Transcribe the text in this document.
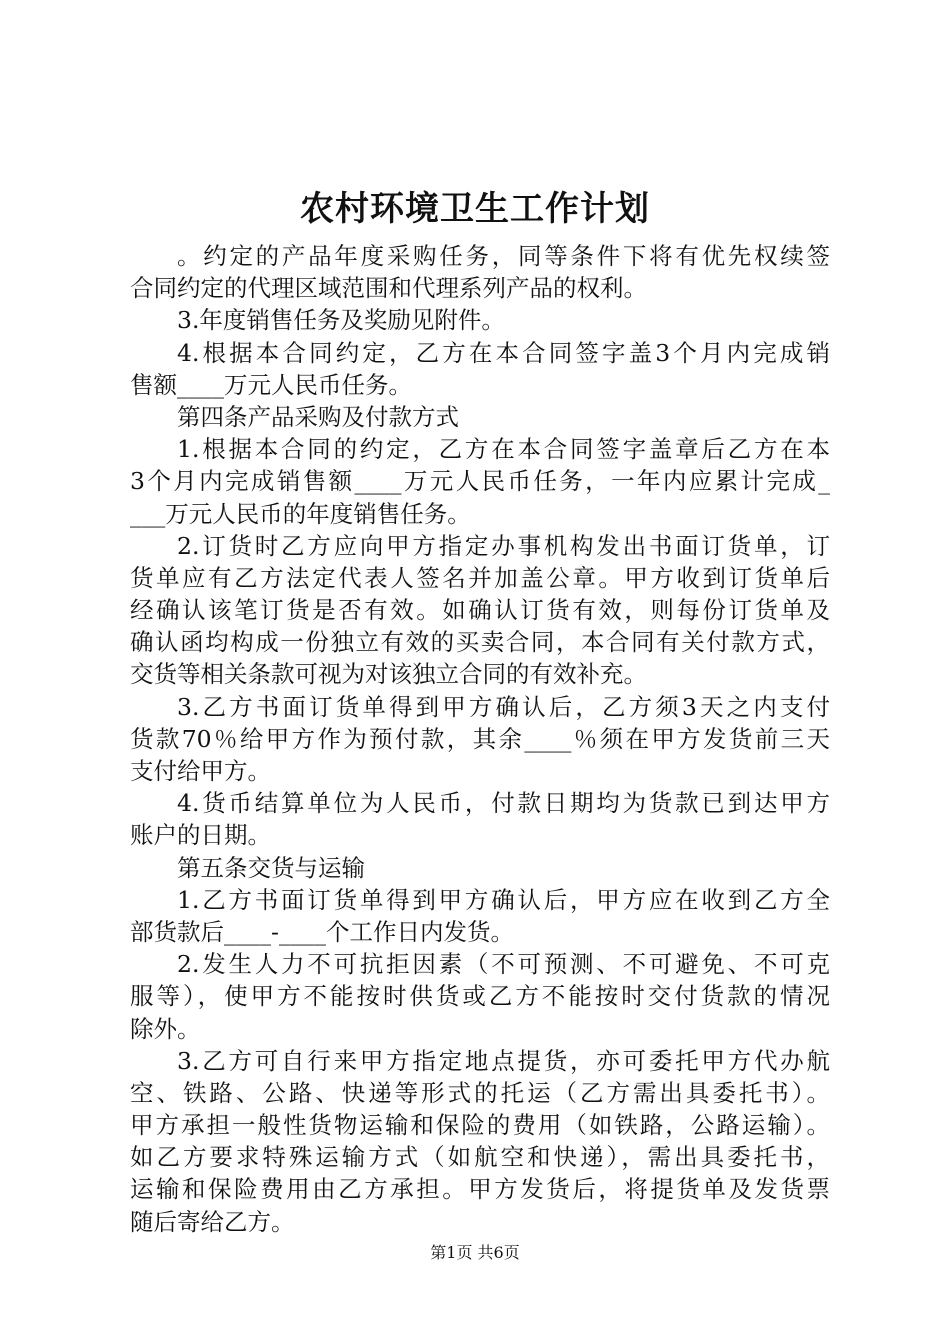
农村环境卫生工作计划
。约定的产品年度采购任务，同等条件下将有优先权续签
合同约定的代理区域范围和代理系列产品的权利。
3.年度销售任务及奖励见附件。
4.根据本合同约定，乙方在本合同签字盖3个月内完成销
售额____万元人民币任务。
第四条产品采购及付款方式
1.根据本合同的约定，乙方在本合同签字盖章后乙方在本
3个月内完成销售额____万元人民币任务，一年内应累计完成_
___万元人民币的年度销售任务。
2.订货时乙方应向甲方指定办事机构发出书面订货单，订
货单应有乙方法定代表人签名并加盖公章。甲方收到订货单后
经确认该笔订货是否有效。如确认订货有效，则每份订货单及
确认函均构成一份独立有效的买卖合同，本合同有关付款方式，
交货等相关条款可视为对该独立合同的有效补充。
3.乙方书面订货单得到甲方确认后，乙方须3天之内支付
货款70％给甲方作为预付款，其余____％须在甲方发货前三天
支付给甲方。
4.货币结算单位为人民币，付款日期均为货款已到达甲方
账户的日期。
第五条交货与运输
1.乙方书面订货单得到甲方确认后，甲方应在收到乙方全
部货款后____-____个工作日内发货。
2.发生人力不可抗拒因素（不可预测、不可避免、不可克
服等），使甲方不能按时供货或乙方不能按时交付货款的情况
除外。
3.乙方可自行来甲方指定地点提货，亦可委托甲方代办航
空、铁路、公路、快递等形式的托运（乙方需出具委托书）。
甲方承担一般性货物运输和保险的费用（如铁路，公路运输）。
如乙方要求特殊运输方式（如航空和快递），需出具委托书，
运输和保险费用由乙方承担。甲方发货后，将提货单及发货票
随后寄给乙方。
第1页 共6页
